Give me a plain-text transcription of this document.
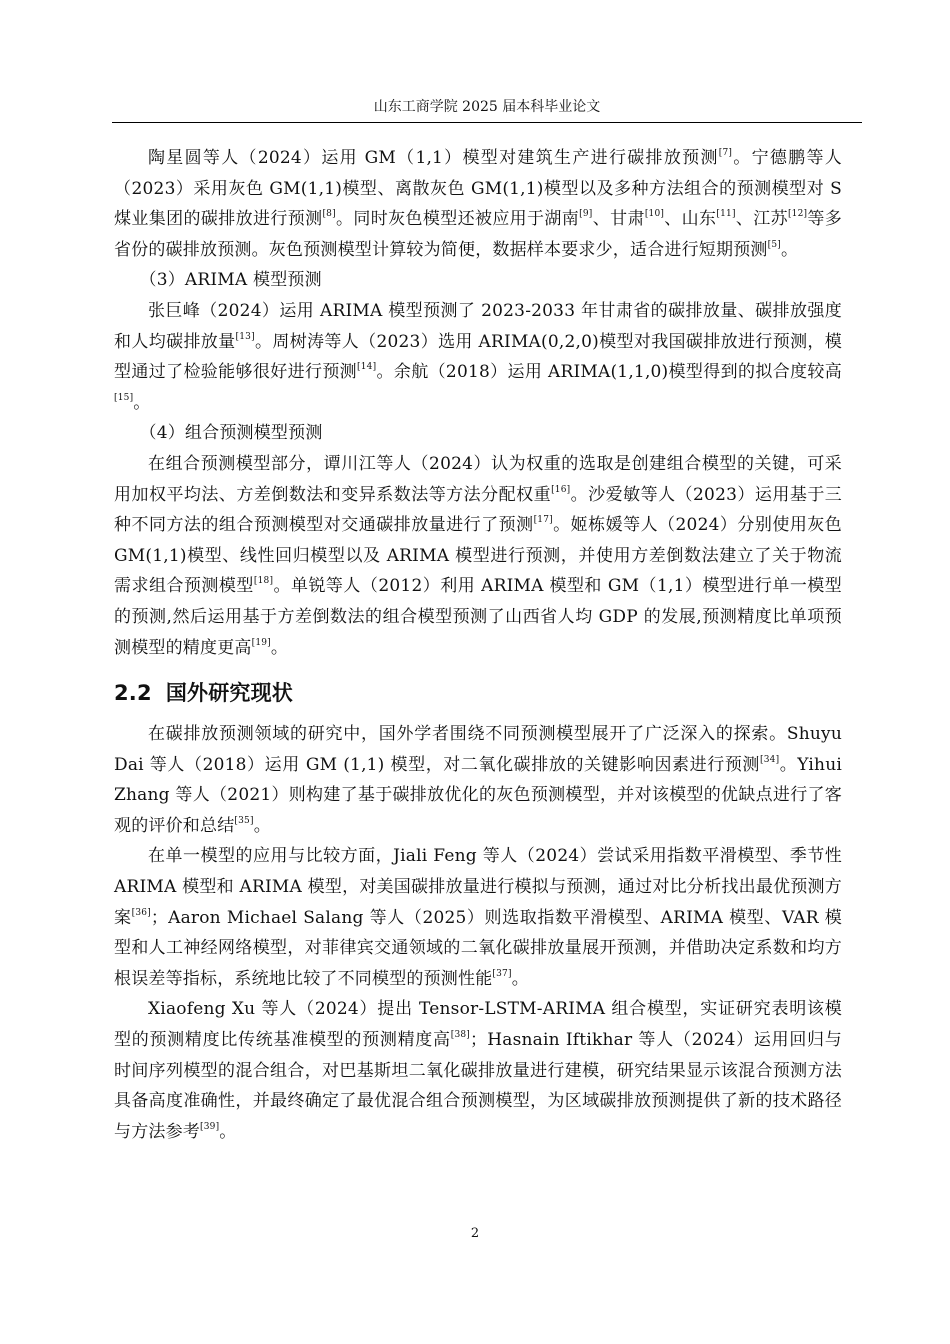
山东工商学院 2025 届本科毕业论文

陶星圆等人（2024）运用 GM（1,1）模型对建筑生产进行碳排放预测[7]。宁德鹏等人（2023）采用灰色 GM(1,1)模型、离散灰色 GM(1,1)模型以及多种方法组合的预测模型对 S 煤业集团的碳排放进行预测[8]。同时灰色模型还被应用于湖南[9]、甘肃[10]、山东[11]、江苏[12]等多省份的碳排放预测。灰色预测模型计算较为简便，数据样本要求少，适合进行短期预测[5]。

（3）ARIMA 模型预测

张巨峰（2024）运用 ARIMA 模型预测了 2023-2033 年甘肃省的碳排放量、碳排放强度和人均碳排放量[13]。周树涛等人（2023）选用 ARIMA(0,2,0)模型对我国碳排放进行预测，模型通过了检验能够很好进行预测[14]。余航（2018）运用 ARIMA(1,1,0)模型得到的拟合度较高[15]。

（4）组合预测模型预测

在组合预测模型部分，谭川江等人（2024）认为权重的选取是创建组合模型的关键，可采用加权平均法、方差倒数法和变异系数法等方法分配权重[16]。沙爱敏等人（2023）运用基于三种不同方法的组合预测模型对交通碳排放量进行了预测[17]。姬栋媛等人（2024）分别使用灰色 GM(1,1)模型、线性回归模型以及 ARIMA 模型进行预测，并使用方差倒数法建立了关于物流需求组合预测模型[18]。单锐等人（2012）利用 ARIMA 模型和 GM（1,1）模型进行单一模型的预测,然后运用基于方差倒数法的组合模型预测了山西省人均 GDP 的发展,预测精度比单项预测模型的精度更高[19]。

2.2 国外研究现状

在碳排放预测领域的研究中，国外学者围绕不同预测模型展开了广泛深入的探索。Shuyu Dai 等人（2018）运用 GM (1,1) 模型，对二氧化碳排放的关键影响因素进行预测[34]。Yihui Zhang 等人（2021）则构建了基于碳排放优化的灰色预测模型，并对该模型的优缺点进行了客观的评价和总结[35]。

在单一模型的应用与比较方面，Jiali Feng 等人（2024）尝试采用指数平滑模型、季节性 ARIMA 模型和 ARIMA 模型，对美国碳排放量进行模拟与预测，通过对比分析找出最优预测方案[36]；Aaron Michael Salang 等人（2025）则选取指数平滑模型、ARIMA 模型、VAR 模型和人工神经网络模型，对菲律宾交通领域的二氧化碳排放量展开预测，并借助决定系数和均方根误差等指标，系统地比较了不同模型的预测性能[37]。

Xiaofeng Xu 等人（2024）提出 Tensor-LSTM-ARIMA 组合模型，实证研究表明该模型的预测精度比传统基准模型的预测精度高[38]；Hasnain Iftikhar 等人（2024）运用回归与时间序列模型的混合组合，对巴基斯坦二氧化碳排放量进行建模，研究结果显示该混合预测方法具备高度准确性，并最终确定了最优混合组合预测模型，为区域碳排放预测提供了新的技术路径与方法参考[39]。

2
